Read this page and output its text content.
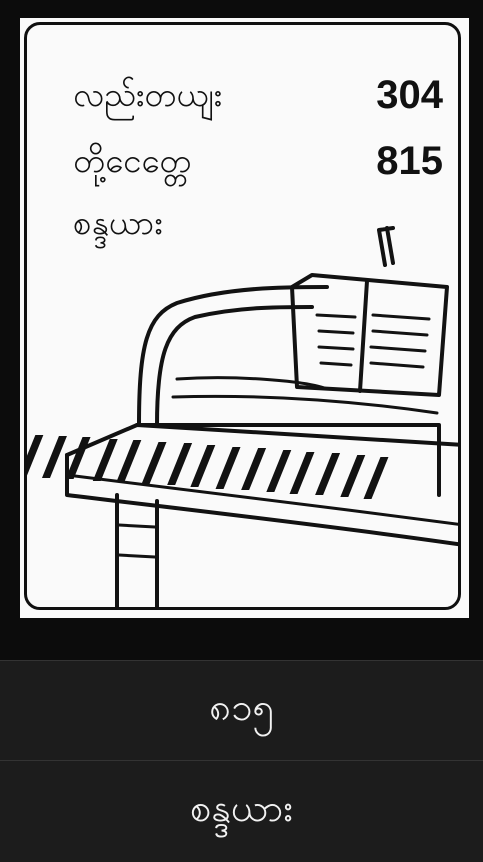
လည်းတယျး	304
တို့ငေတ္တေ	815
စန္ဒယား
၈၁၅
စန္ဒယား
